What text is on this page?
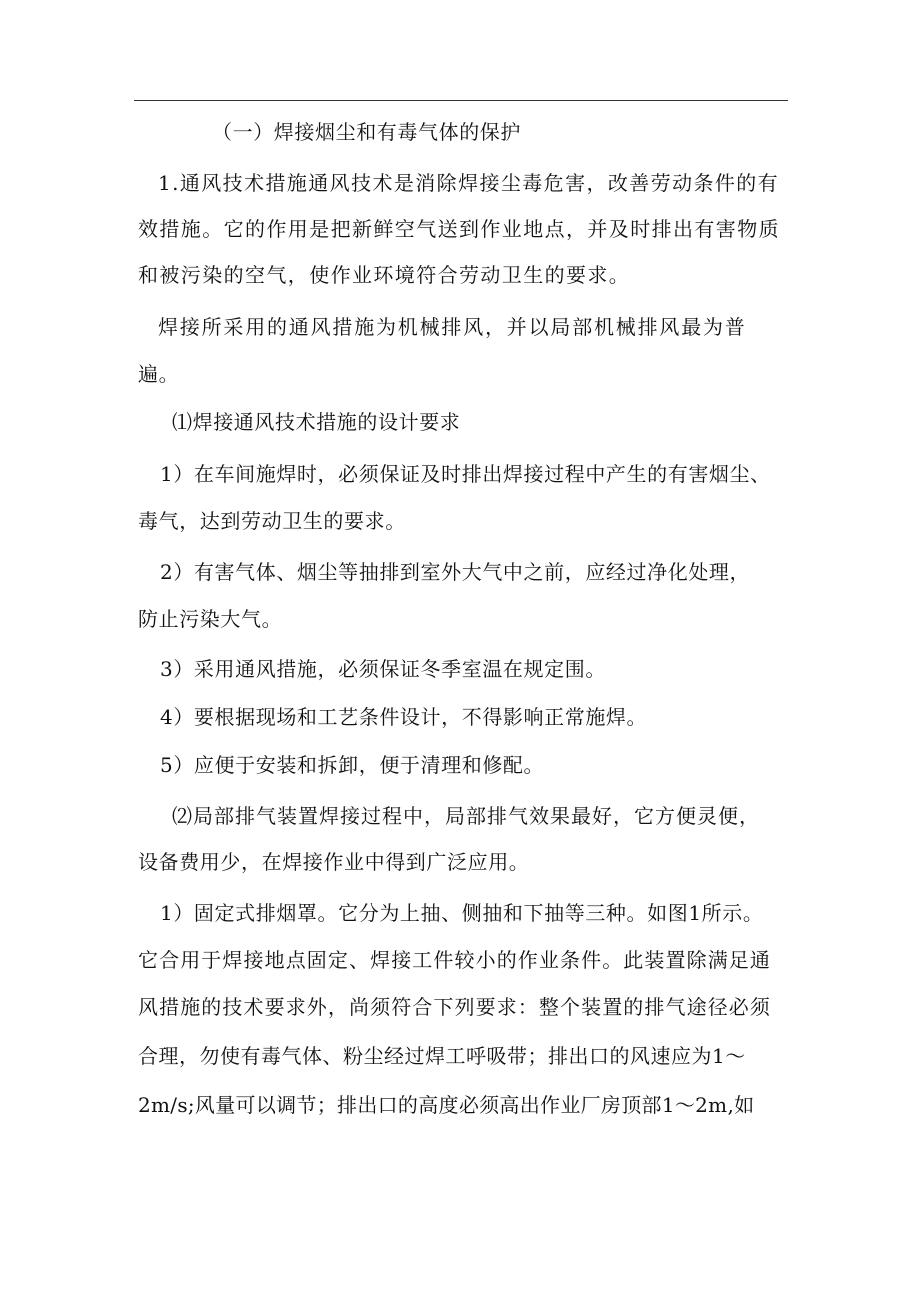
（一）焊接烟尘和有毒气体的保护
1.通风技术措施通风技术是消除焊接尘毒危害，改善劳动条件的有
效措施。它的作用是把新鲜空气送到作业地点，并及时排出有害物质
和被污染的空气，使作业环境符合劳动卫生的要求。
焊接所采用的通风措施为机械排风，并以局部机械排风最为普
遍。
⑴焊接通风技术措施的设计要求
1）在车间施焊时，必须保证及时排出焊接过程中产生的有害烟尘、
毒气，达到劳动卫生的要求。
2）有害气体、烟尘等抽排到室外大气中之前，应经过净化处理，
防止污染大气。
3）采用通风措施，必须保证冬季室温在规定围。
4）要根据现场和工艺条件设计，不得影响正常施焊。
5）应便于安装和拆卸，便于清理和修配。
⑵局部排气装置焊接过程中，局部排气效果最好，它方便灵便，
设备费用少，在焊接作业中得到广泛应用。
1）固定式排烟罩。它分为上抽、侧抽和下抽等三种。如图1所示。
它合用于焊接地点固定、焊接工件较小的作业条件。此装置除满足通
风措施的技术要求外，尚须符合下列要求：整个装置的排气途径必须
合理，勿使有毒气体、粉尘经过焊工呼吸带；排出口的风速应为1～
2m/s;风量可以调节；排出口的高度必须高出作业厂房顶部1～2m,如
